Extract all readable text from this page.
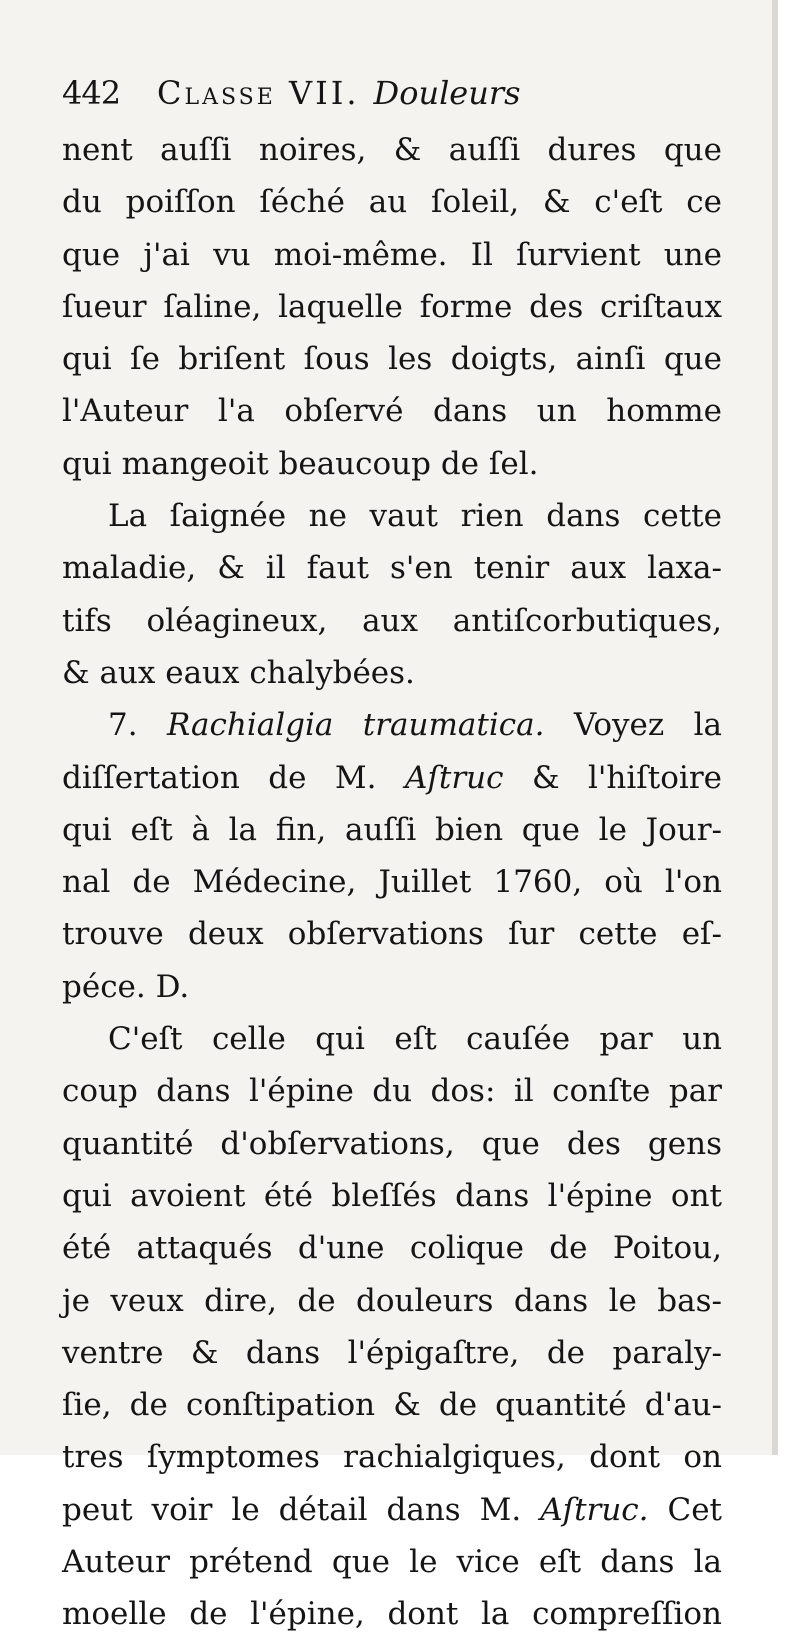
442 Classe VII. Douleurs
nent auſſi noires, & auſſi dures que
du poiſſon ſéché au ſoleil, & c'eſt ce
que j'ai vu moi-même. Il ſurvient une
ſueur ſaline, laquelle forme des criſtaux
qui ſe briſent ſous les doigts, ainſi que
l'Auteur l'a obſervé dans un homme
qui mangeoit beaucoup de ſel.
La ſaignée ne vaut rien dans cette
maladie, & il faut s'en tenir aux laxa-
tifs oléagineux, aux antiſcorbutiques,
& aux eaux chalybées.
7. Rachialgia traumatica. Voyez la
diſſertation de M. Aſtruc & l'hiſtoire
qui eſt à la fin, auſſi bien que le Jour-
nal de Médecine, Juillet 1760, où l'on
trouve deux obſervations ſur cette eſ-
péce. D.
C'eſt celle qui eſt cauſée par un
coup dans l'épine du dos: il conſte par
quantité d'obſervations, que des gens
qui avoient été bleſſés dans l'épine ont
été attaqués d'une colique de Poitou,
je veux dire, de douleurs dans le bas-
ventre & dans l'épigaſtre, de paraly-
ſie, de conſtipation & de quantité d'au-
tres ſymptomes rachialgiques, dont on
peut voir le détail dans M. Aſtruc. Cet
Auteur prétend que le vice eſt dans la
moelle de l'épine, dont la compreſſion
